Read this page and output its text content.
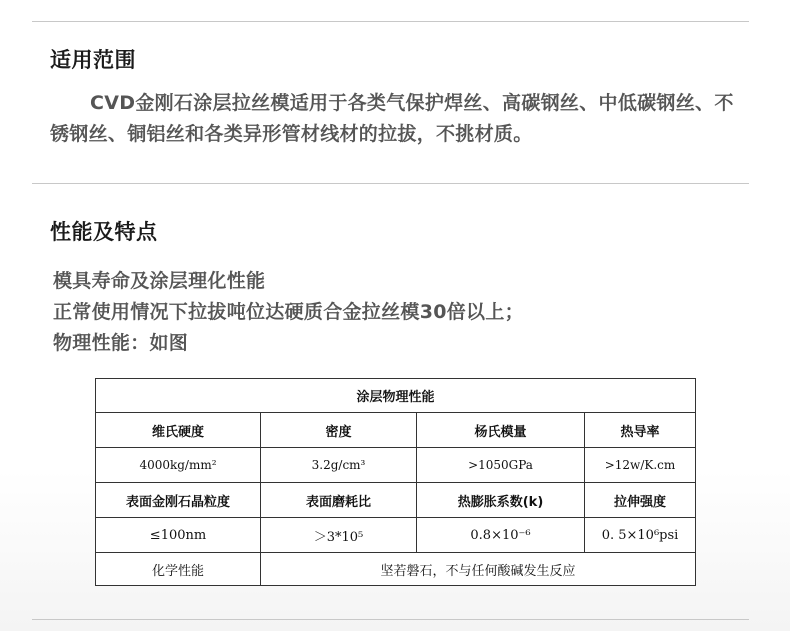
适用范围
CVD金刚石涂层拉丝模适用于各类气保护焊丝、高碳钢丝、中低碳钢丝、不锈钢丝、铜铝丝和各类异形管材线材的拉拔，不挑材质。
性能及特点
模具寿命及涂层理化性能
正常使用情况下拉拔吨位达硬质合金拉丝模30倍以上；
物理性能：如图
涂层物理性能			
维氏硬度	密度	杨氏模量	热导率
4000kg/mm²	3.2g/cm³	>1050GPa	>12w/K.cm
表面金刚石晶粒度	表面磨耗比	热膨胀系数(k)	拉伸强度
≤100nm	＞3*10⁵	0.8×10⁻⁶	0. 5×10⁶psi
化学性能	坚若磐石，不与任何酸碱发生反应		
